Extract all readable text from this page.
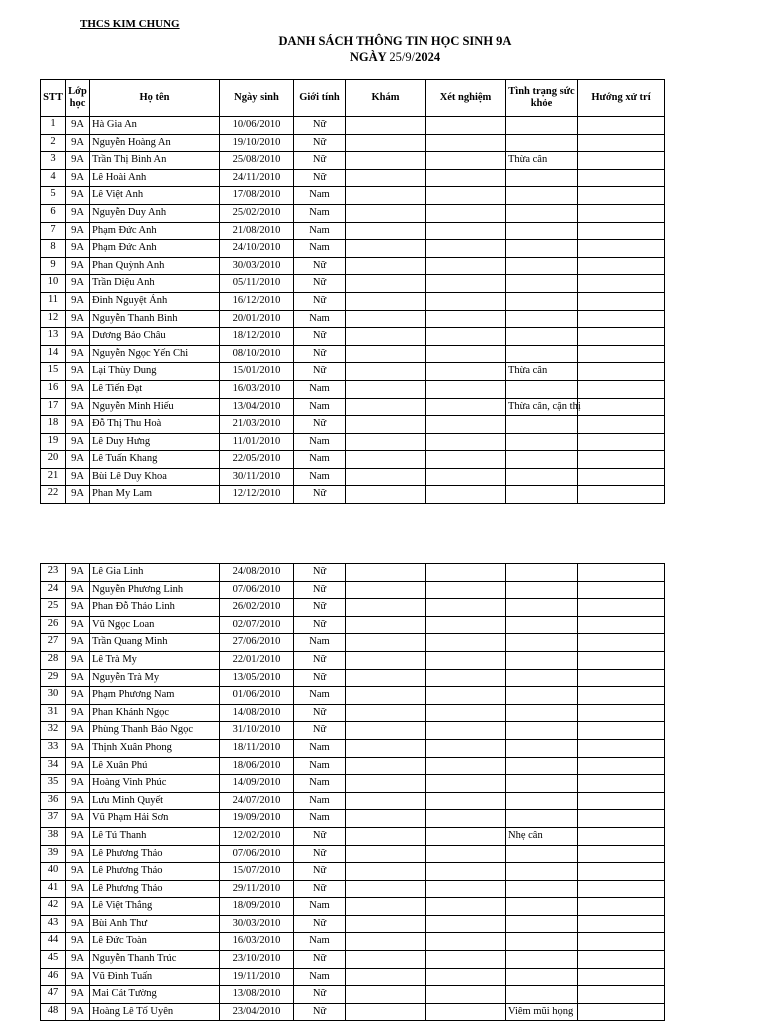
THCS KIM CHUNG
DANH SÁCH THÔNG TIN HỌC SINH 9A
NGÀY 25/9/2024
STT	Lớp học	Họ tên	Ngày sinh	Giới tính	Khám	Xét nghiệm	Tình trạng sức khỏe	Hướng xử trí
1	9A	Hà Gia An	10/06/2010	Nữ				
2	9A	Nguyễn Hoàng An	19/10/2010	Nữ				
3	9A	Trần Thị Bình An	25/08/2010	Nữ			Thừa cân	
4	9A	Lê Hoài Anh	24/11/2010	Nữ				
5	9A	Lê Việt Anh	17/08/2010	Nam				
6	9A	Nguyễn Duy Anh	25/02/2010	Nam				
7	9A	Phạm Đức Anh	21/08/2010	Nam				
8	9A	Phạm Đức Anh	24/10/2010	Nam				
9	9A	Phan Quỳnh Anh	30/03/2010	Nữ				
10	9A	Trần Diệu Anh	05/11/2010	Nữ				
11	9A	Đinh Nguyệt Ánh	16/12/2010	Nữ				
12	9A	Nguyễn Thanh Bình	20/01/2010	Nam				
13	9A	Dương Bảo Châu	18/12/2010	Nữ				
14	9A	Nguyễn Ngọc Yến Chi	08/10/2010	Nữ				
15	9A	Lại Thùy Dung	15/01/2010	Nữ			Thừa cân	
16	9A	Lê Tiến Đạt	16/03/2010	Nam				
17	9A	Nguyễn Minh Hiếu	13/04/2010	Nam			Thừa cân, cận thị	
18	9A	Đỗ Thị Thu Hoà	21/03/2010	Nữ				
19	9A	Lê Duy Hưng	11/01/2010	Nam				
20	9A	Lê Tuấn Khang	22/05/2010	Nam				
21	9A	Bùi Lê Duy Khoa	30/11/2010	Nam				
22	9A	Phan My Lam	12/12/2010	Nữ				
23	9A	Lê Gia Linh	24/08/2010	Nữ				
24	9A	Nguyễn Phương Linh	07/06/2010	Nữ				
25	9A	Phan Đỗ Thảo Linh	26/02/2010	Nữ				
26	9A	Vũ Ngọc Loan	02/07/2010	Nữ				
27	9A	Trần Quang Minh	27/06/2010	Nam				
28	9A	Lê Trà My	22/01/2010	Nữ				
29	9A	Nguyễn Trà My	13/05/2010	Nữ				
30	9A	Phạm Phương Nam	01/06/2010	Nam				
31	9A	Phan Khánh Ngọc	14/08/2010	Nữ				
32	9A	Phùng Thanh Bảo Ngọc	31/10/2010	Nữ				
33	9A	Thịnh Xuân Phong	18/11/2010	Nam				
34	9A	Lê Xuân Phú	18/06/2010	Nam				
35	9A	Hoàng Vinh Phúc	14/09/2010	Nam				
36	9A	Lưu Minh Quyết	24/07/2010	Nam				
37	9A	Vũ Phạm Hải Sơn	19/09/2010	Nam				
38	9A	Lê Tú Thanh	12/02/2010	Nữ			Nhẹ cân	
39	9A	Lê Phương Thảo	07/06/2010	Nữ				
40	9A	Lê Phương Thảo	15/07/2010	Nữ				
41	9A	Lê Phương Thảo	29/11/2010	Nữ				
42	9A	Lê Việt Thắng	18/09/2010	Nam				
43	9A	Bùi Anh Thư	30/03/2010	Nữ				
44	9A	Lê Đức Toàn	16/03/2010	Nam				
45	9A	Nguyễn Thanh Trúc	23/10/2010	Nữ				
46	9A	Vũ Đình Tuấn	19/11/2010	Nam				
47	9A	Mai Cát Tường	13/08/2010	Nữ				
48	9A	Hoàng Lê Tố Uyên	23/04/2010	Nữ			Viêm mũi họng	
